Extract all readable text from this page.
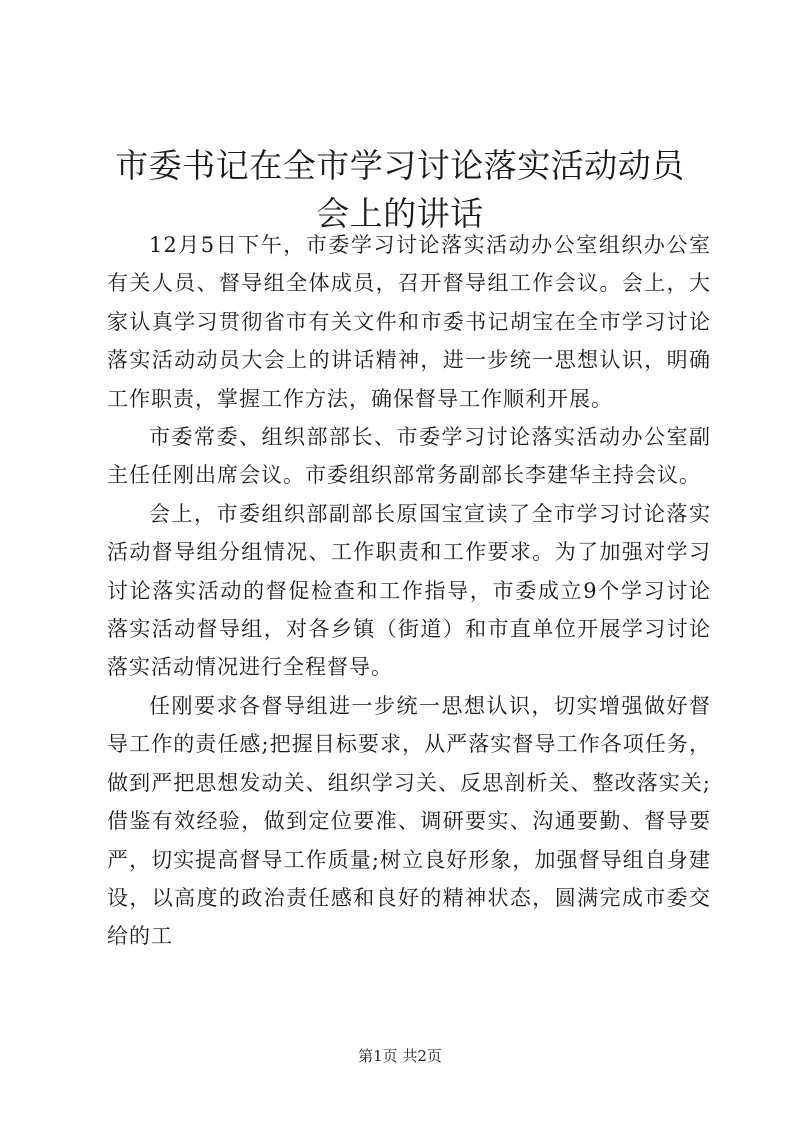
市委书记在全市学习讨论落实活动动员会上的讲话

12月5日下午，市委学习讨论落实活动办公室组织办公室有关人员、督导组全体成员，召开督导组工作会议。会上，大家认真学习贯彻省市有关文件和市委书记胡宝在全市学习讨论落实活动动员大会上的讲话精神，进一步统一思想认识，明确工作职责，掌握工作方法，确保督导工作顺利开展。

市委常委、组织部部长、市委学习讨论落实活动办公室副主任任刚出席会议。市委组织部常务副部长李建华主持会议。

会上，市委组织部副部长原国宝宣读了全市学习讨论落实活动督导组分组情况、工作职责和工作要求。为了加强对学习讨论落实活动的督促检查和工作指导，市委成立9个学习讨论落实活动督导组，对各乡镇（街道）和市直单位开展学习讨论落实活动情况进行全程督导。

任刚要求各督导组进一步统一思想认识，切实增强做好督导工作的责任感;把握目标要求，从严落实督导工作各项任务，做到严把思想发动关、组织学习关、反思剖析关、整改落实关;借鉴有效经验，做到定位要准、调研要实、沟通要勤、督导要严，切实提高督导工作质量;树立良好形象，加强督导组自身建设，以高度的政治责任感和良好的精神状态，圆满完成市委交给的工

第1页 共2页
